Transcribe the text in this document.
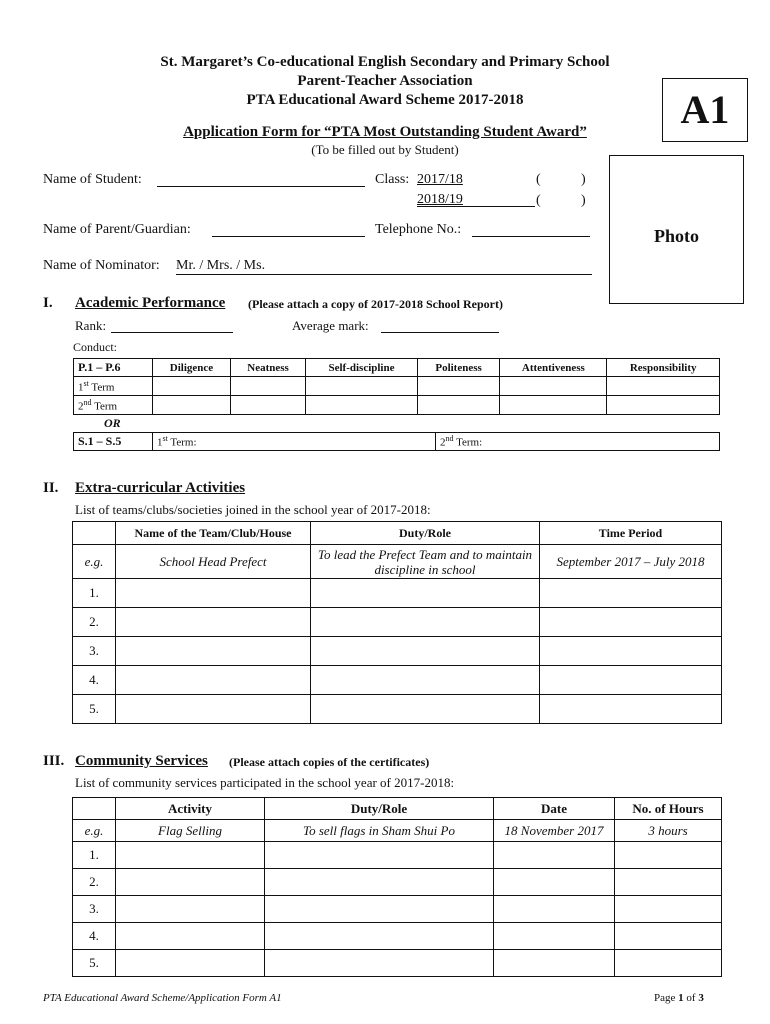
St. Margaret’s Co-educational English Secondary and Primary School
Parent-Teacher Association
PTA Educational Award Scheme 2017-2018
Application Form for “PTA Most Outstanding Student Award”
(To be filled out by Student)
A1
Photo
Name of Student:	Class: 2017/18	(	)
2018/19	(	)
Name of Parent/Guardian:	Telephone No.:
Name of Nominator: Mr. / Mrs. / Ms.
I. Academic Performance (Please attach a copy of 2017-2018 School Report)
Rank:	Average mark:
Conduct:
P.1 – P.6	Diligence	Neatness	Self-discipline	Politeness	Attentiveness	Responsibility
1st Term						
2nd Term						
OR
S.1 – S.5	1st Term:	2nd Term:
II. Extra-curricular Activities
List of teams/clubs/societies joined in the school year of 2017-2018:
	Name of the Team/Club/House	Duty/Role	Time Period
e.g.	School Head Prefect	To lead the Prefect Team and to maintain discipline in school	September 2017 – July 2018
1.			
2.			
3.			
4.			
5.			
III. Community Services (Please attach copies of the certificates)
List of community services participated in the school year of 2017-2018:
	Activity	Duty/Role	Date	No. of Hours
e.g.	Flag Selling	To sell flags in Sham Shui Po	18 November 2017	3 hours
1.				
2.				
3.				
4.				
5.				
PTA Educational Award Scheme/Application Form A1	Page 1 of 3
